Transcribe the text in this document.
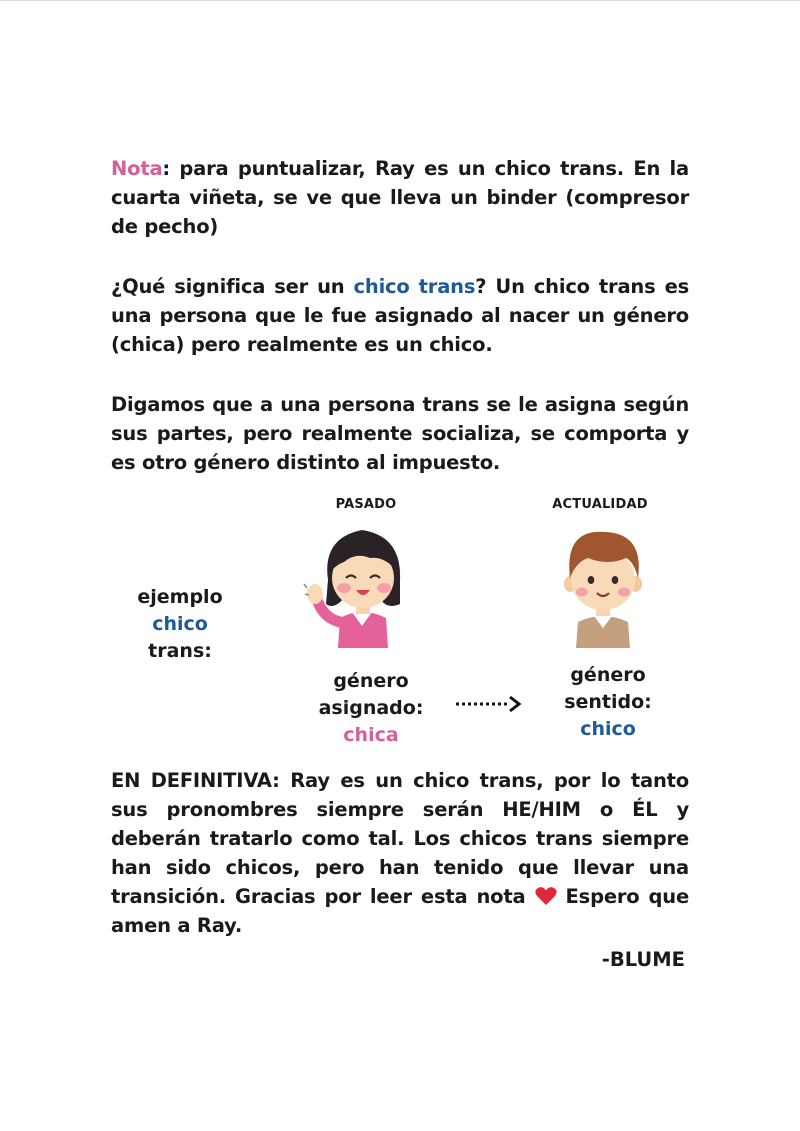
Nota: para puntualizar, Ray es un chico trans. En la cuarta viñeta, se ve que lleva un binder (compresor de pecho)

¿Qué significa ser un chico trans? Un chico trans es una persona que le fue asignado al nacer un género (chica) pero realmente es un chico.

Digamos que a una persona trans se le asigna según sus partes, pero realmente socializa, se comporta y es otro género distinto al impuesto.

PASADO	ACTUALIDAD
ejemplo
chico trans:
género
asignado:
chica
género
sentido:
chico

EN DEFINITIVA: Ray es un chico trans, por lo tanto sus pronombres siempre serán HE/HIM o ÉL y deberán tratarlo como tal. Los chicos trans siempre han sido chicos, pero han tenido que llevar una transición. Gracias por leer esta nota  Espero que amen a Ray.

-BLUME
